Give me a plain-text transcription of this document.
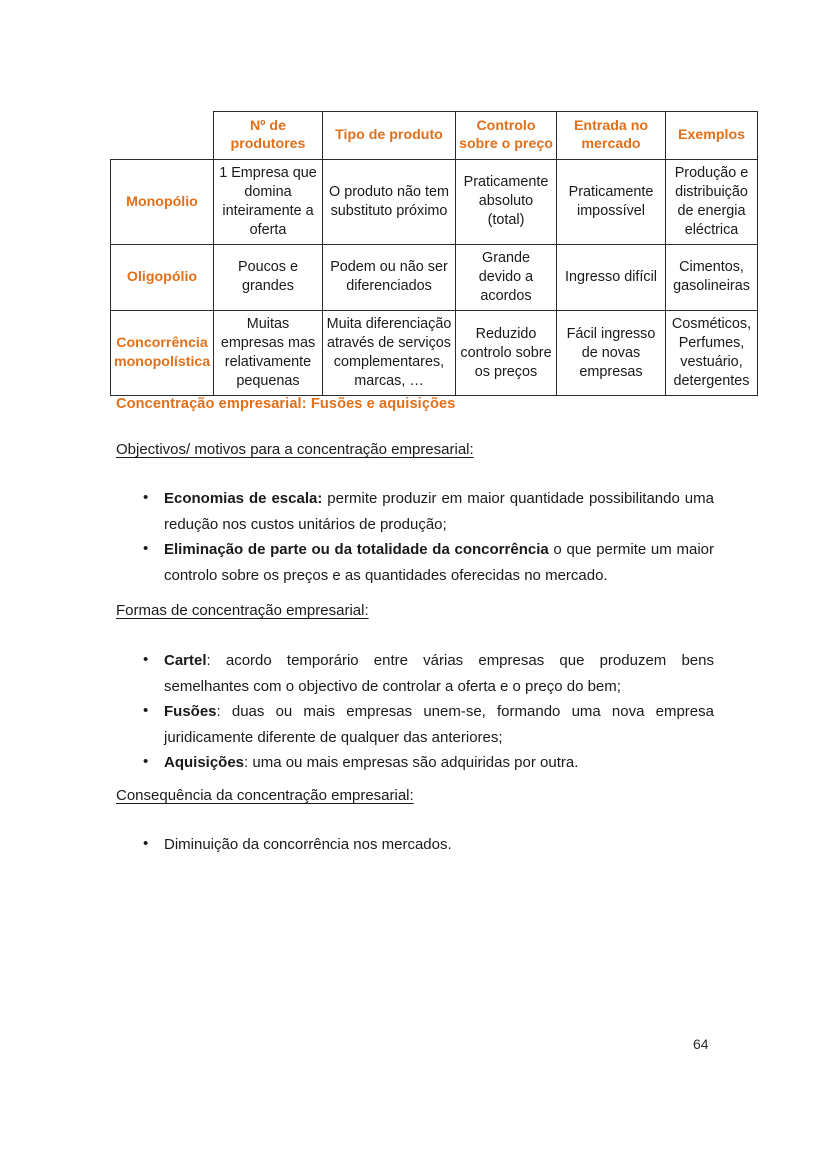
	Nº de produtores	Tipo de produto	Controlo sobre o preço	Entrada no mercado	Exemplos
Monopólio	1 Empresa que domina inteiramente a oferta	O produto não tem substituto próximo	Praticamente absoluto (total)	Praticamente impossível	Produção e distribuição de energia eléctrica
Oligopólio	Poucos e grandes	Podem ou não ser diferenciados	Grande devido a acordos	Ingresso difícil	Cimentos, gasolineiras
Concorrência monopolística	Muitas empresas mas relativamente pequenas	Muita diferenciação através de serviços complementares, marcas, …	Reduzido controlo sobre os preços	Fácil ingresso de novas empresas	Cosméticos, Perfumes, vestuário, detergentes
Concentração empresarial: Fusões e aquisições
Objectivos/ motivos para a concentração empresarial:
• Economias de escala: permite produzir em maior quantidade possibilitando uma redução nos custos unitários de produção;
• Eliminação de parte ou da totalidade da concorrência o que permite um maior controlo sobre os preços e as quantidades oferecidas no mercado.
Formas de concentração empresarial:
• Cartel: acordo temporário entre várias empresas que produzem bens semelhantes com o objectivo de controlar a oferta e o preço do bem;
• Fusões: duas ou mais empresas unem-se, formando uma nova empresa juridicamente diferente de qualquer das anteriores;
• Aquisições: uma ou mais empresas são adquiridas por outra.
Consequência da concentração empresarial:
• Diminuição da concorrência nos mercados.
64
